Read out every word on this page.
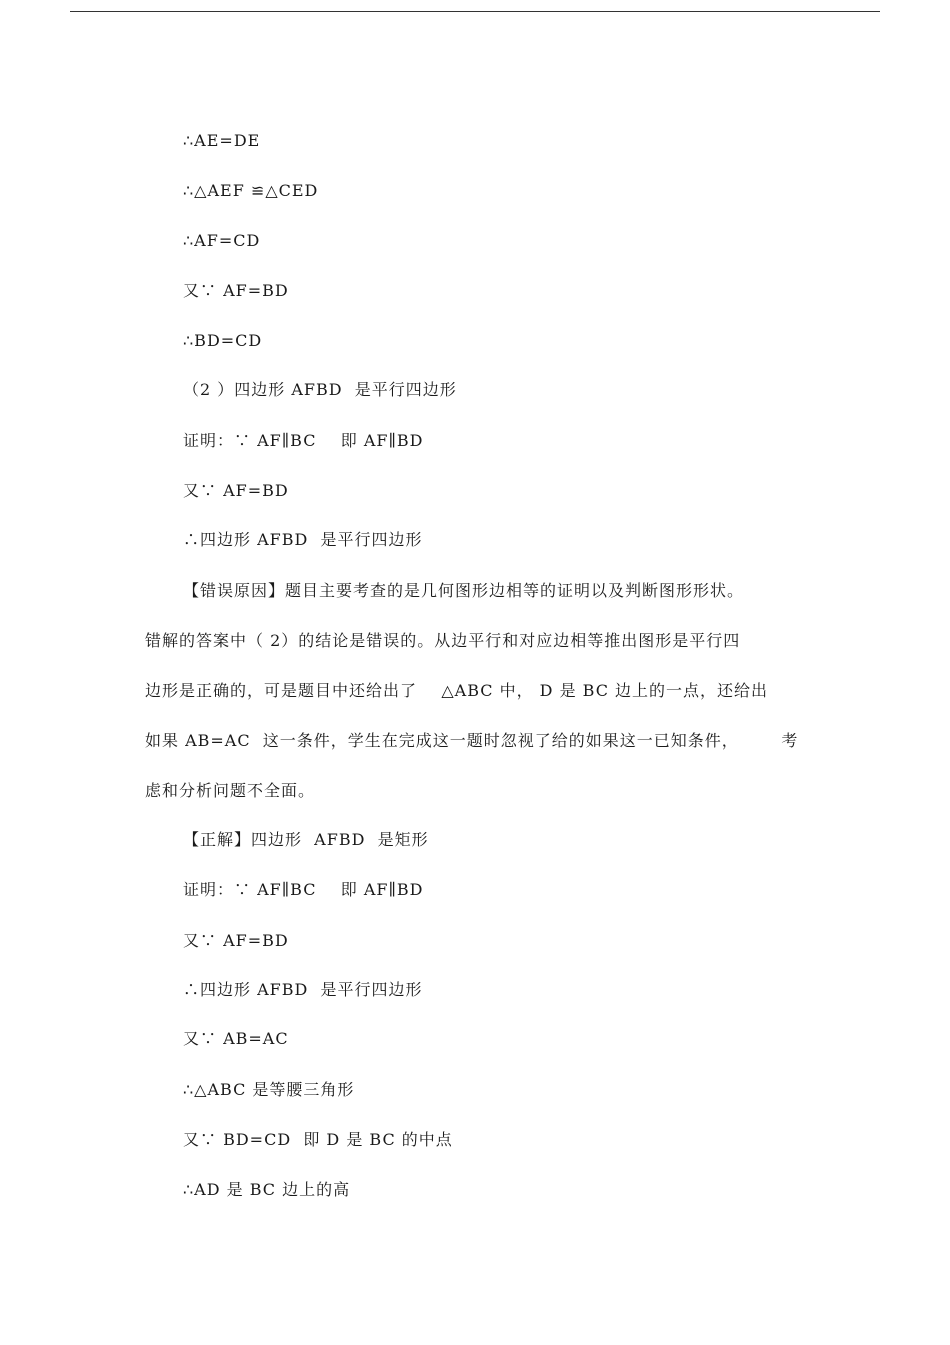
∴AE=DE
∴△AEF ≌△CED
∴AF=CD
又∵ AF=BD
∴BD=CD
（2 ）四边形 AFBD  是平行四边形
证明：∵ AF∥BC    即 AF∥BD
又∵ AF=BD
∴四边形 AFBD  是平行四边形
【错误原因】题目主要考查的是几何图形边相等的证明以及判断图形形状。
错解的答案中（ 2）的结论是错误的。从边平行和对应边相等推出图形是平行四
边形是正确的，可是题目中还给出了    △ABC 中， D 是 BC 边上的一点，还给出
如果 AB=AC  这一条件，学生在完成这一题时忽视了给的如果这一已知条件，       考
虑和分析问题不全面。
【正解】四边形  AFBD  是矩形
证明：∵ AF∥BC    即 AF∥BD
又∵ AF=BD
∴四边形 AFBD  是平行四边形
又∵ AB=AC
∴△ABC 是等腰三角形
又∵ BD=CD  即 D 是 BC 的中点
∴AD 是 BC 边上的高
